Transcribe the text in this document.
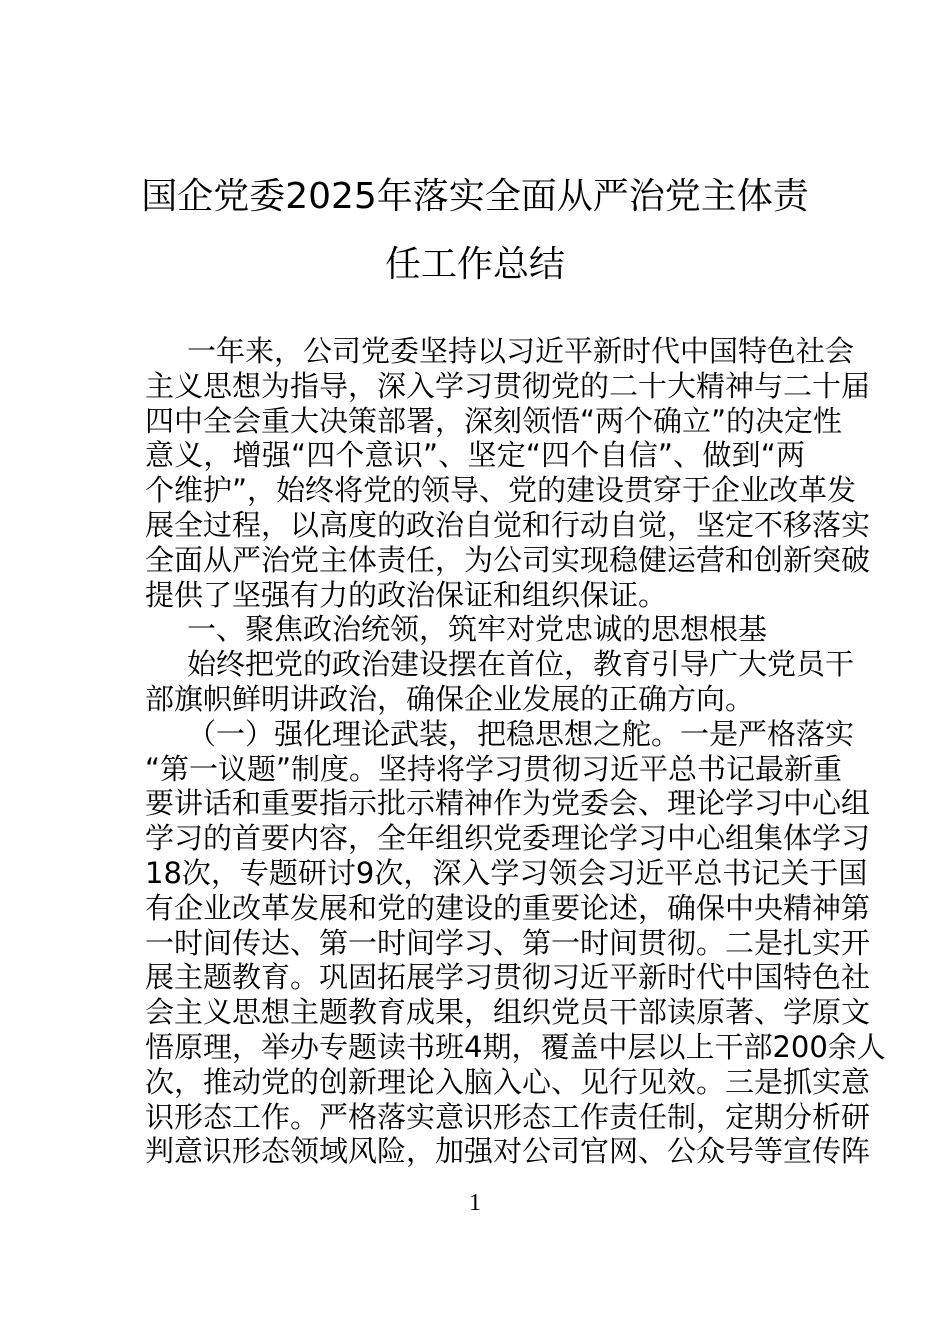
国企党委2025年落实全面从严治党主体责
任工作总结
一年来，公司党委坚持以习近平新时代中国特色社会
主义思想为指导，深入学习贯彻党的二十大精神与二十届
四中全会重大决策部署，深刻领悟“两个确立”的决定性
意义，增强“四个意识”、坚定“四个自信”、做到“两
个维护”，始终将党的领导、党的建设贯穿于企业改革发
展全过程，以高度的政治自觉和行动自觉，坚定不移落实
全面从严治党主体责任，为公司实现稳健运营和创新突破
提供了坚强有力的政治保证和组织保证。
一、聚焦政治统领，筑牢对党忠诚的思想根基
始终把党的政治建设摆在首位，教育引导广大党员干
部旗帜鲜明讲政治，确保企业发展的正确方向。
（一）强化理论武装，把稳思想之舵。一是严格落实
“第一议题”制度。坚持将学习贯彻习近平总书记最新重
要讲话和重要指示批示精神作为党委会、理论学习中心组
学习的首要内容，全年组织党委理论学习中心组集体学习
18次，专题研讨9次，深入学习领会习近平总书记关于国
有企业改革发展和党的建设的重要论述，确保中央精神第
一时间传达、第一时间学习、第一时间贯彻。二是扎实开
展主题教育。巩固拓展学习贯彻习近平新时代中国特色社
会主义思想主题教育成果，组织党员干部读原著、学原文
悟原理，举办专题读书班4期，覆盖中层以上干部200余人
次，推动党的创新理论入脑入心、见行见效。三是抓实意
识形态工作。严格落实意识形态工作责任制，定期分析研
判意识形态领域风险，加强对公司官网、公众号等宣传阵
1
